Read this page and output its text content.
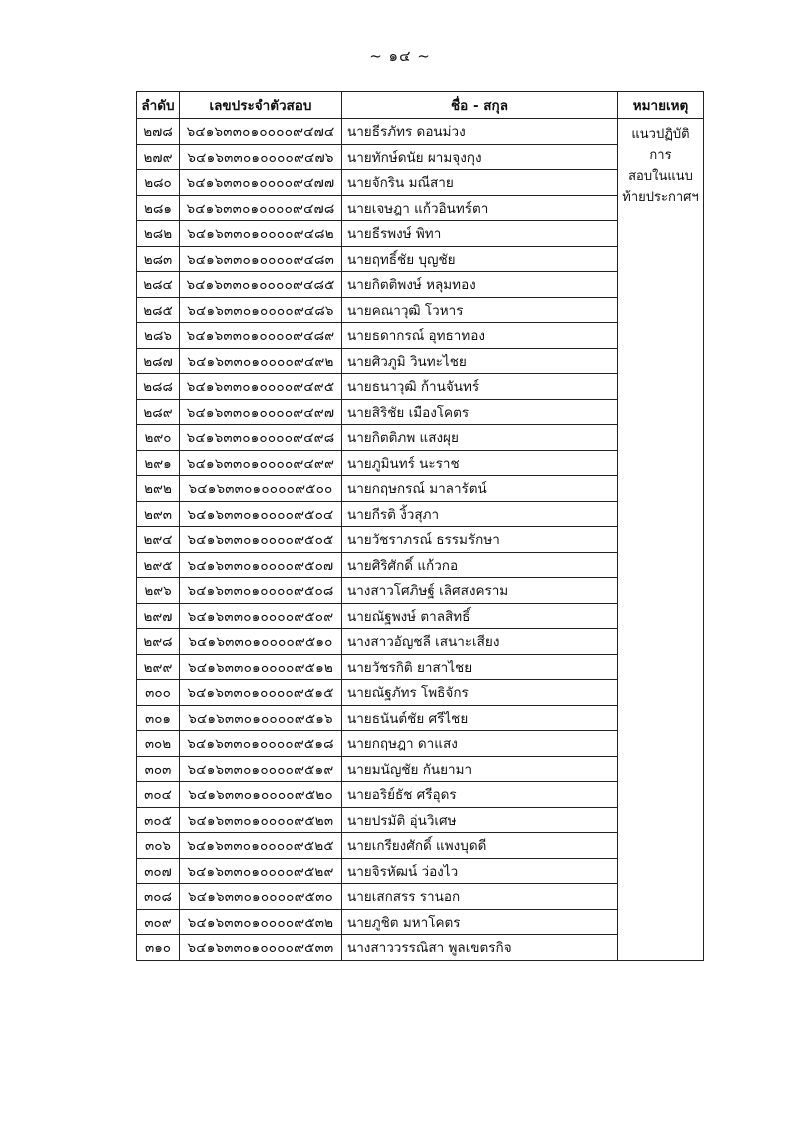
~ ๑๔ ~
ลำดับ	เลขประจำตัวสอบ	ชื่อ - สกุล	หมายเหตุ
๒๗๘	๖๔๑๖๓๓๐๑๐๐๐๐๙๔๗๔	นายธีรภัทร ดอนม่วง	แนวปฏิบัติการ
สอบในแนบ
ท้ายประกาศฯ

๒๗๙	๖๔๑๖๓๓๐๑๐๐๐๐๙๔๗๖	นายทักษ์ดนัย ผามจุงกุง	
๒๘๐	๖๔๑๖๓๓๐๑๐๐๐๐๙๔๗๗	นายจักริน มณีสาย	
๒๘๑	๖๔๑๖๓๓๐๑๐๐๐๐๙๔๗๘	นายเจษฎา แก้วอินทร์ตา	
๒๘๒	๖๔๑๖๓๓๐๑๐๐๐๐๙๔๘๒	นายธีรพงษ์ พิทา	
๒๘๓	๖๔๑๖๓๓๐๑๐๐๐๐๙๔๘๓	นายฤทธิ์ชัย บุญชัย	
๒๘๔	๖๔๑๖๓๓๐๑๐๐๐๐๙๔๘๕	นายกิตติพงษ์ หลุมทอง	
๒๘๕	๖๔๑๖๓๓๐๑๐๐๐๐๙๔๘๖	นายคณาวุฒิ โวหาร	
๒๘๖	๖๔๑๖๓๓๐๑๐๐๐๐๙๔๘๙	นายธดากรณ์ อุทธาทอง	
๒๘๗	๖๔๑๖๓๓๐๑๐๐๐๐๙๔๙๒	นายศิวภูมิ วินทะไชย	
๒๘๘	๖๔๑๖๓๓๐๑๐๐๐๐๙๔๙๕	นายธนาวุฒิ ก้านจันทร์	
๒๘๙	๖๔๑๖๓๓๐๑๐๐๐๐๙๔๙๗	นายสิริชัย เมืองโคตร	
๒๙๐	๖๔๑๖๓๓๐๑๐๐๐๐๙๔๙๘	นายกิตติภพ แสงผุย	
๒๙๑	๖๔๑๖๓๓๐๑๐๐๐๐๙๔๙๙	นายภูมินทร์ นะราช	
๒๙๒	๖๔๑๖๓๓๐๑๐๐๐๐๙๕๐๐	นายกฤษกรณ์ มาลารัตน์	
๒๙๓	๖๔๑๖๓๓๐๑๐๐๐๐๙๕๐๔	นายกีรติ งิ้วสุภา	
๒๙๔	๖๔๑๖๓๓๐๑๐๐๐๐๙๕๐๕	นายวัชราภรณ์ ธรรมรักษา	
๒๙๕	๖๔๑๖๓๓๐๑๐๐๐๐๙๕๐๗	นายศิริศักดิ์ แก้วกอ	
๒๙๖	๖๔๑๖๓๓๐๑๐๐๐๐๙๕๐๘	นางสาวโศภิษฐ์ เลิศสงคราม	
๒๙๗	๖๔๑๖๓๓๐๑๐๐๐๐๙๕๐๙	นายณัฐพงษ์ ตาลสิทธิ์	
๒๙๘	๖๔๑๖๓๓๐๑๐๐๐๐๙๕๑๐	นางสาวอัญชลี เสนาะเสียง	
๒๙๙	๖๔๑๖๓๓๐๑๐๐๐๐๙๕๑๒	นายวัชรกิติ ยาสาไชย	
๓๐๐	๖๔๑๖๓๓๐๑๐๐๐๐๙๕๑๕	นายณัฐภัทร โพธิจักร	
๓๐๑	๖๔๑๖๓๓๐๑๐๐๐๐๙๕๑๖	นายธนันต์ชัย ศรีไชย	
๓๐๒	๖๔๑๖๓๓๐๑๐๐๐๐๙๕๑๘	นายกฤษฎา ดาแสง	
๓๐๓	๖๔๑๖๓๓๐๑๐๐๐๐๙๕๑๙	นายมนัญชัย กันยามา	
๓๐๔	๖๔๑๖๓๓๐๑๐๐๐๐๙๕๒๐	นายอริย์ธัช ศรีอุดร	
๓๐๕	๖๔๑๖๓๓๐๑๐๐๐๐๙๕๒๓	นายปรมัติ อุ่นวิเศษ	
๓๐๖	๖๔๑๖๓๓๐๑๐๐๐๐๙๕๒๕	นายเกรียงศักดิ์ แพงบุดดี	
๓๐๗	๖๔๑๖๓๓๐๑๐๐๐๐๙๕๒๙	นายจิรหัฒน์ ว่องไว	
๓๐๘	๖๔๑๖๓๓๐๑๐๐๐๐๙๕๓๐	นายเสกสรร รานอก	
๓๐๙	๖๔๑๖๓๓๐๑๐๐๐๐๙๕๓๒	นายภูชิต มหาโคตร	
๓๑๐	๖๔๑๖๓๓๐๑๐๐๐๐๙๕๓๓	นางสาววรรณิสา พูลเขตรกิจ	
